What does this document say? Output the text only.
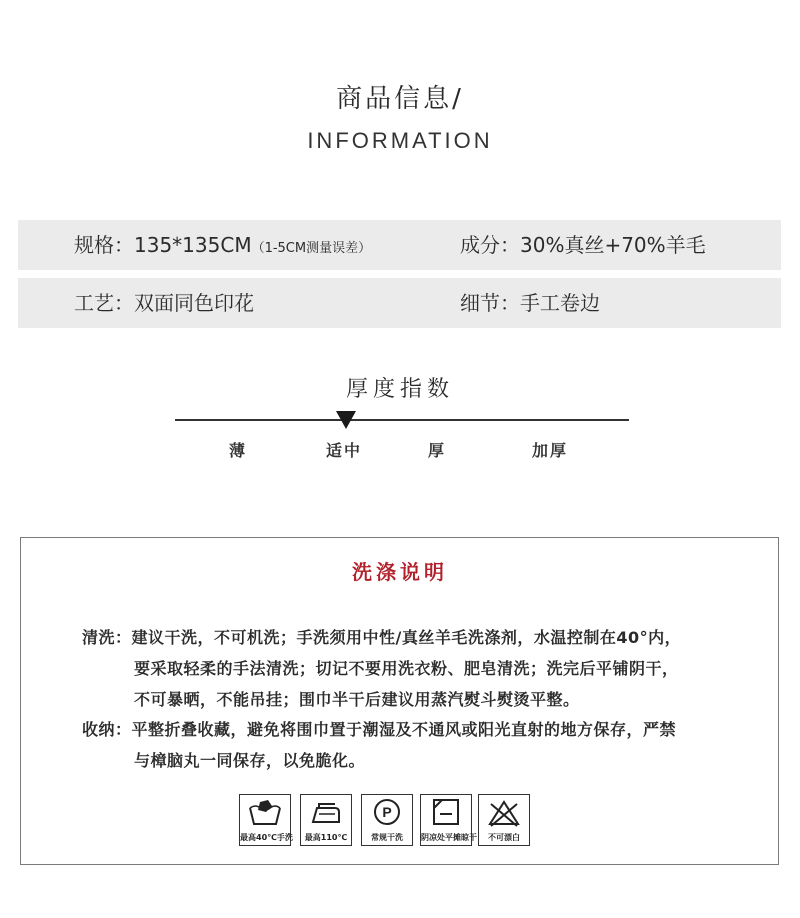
商品信息/
INFORMATION
规格：135*135CM（1-5CM测量误差）	成分：30%真丝+70%羊毛
工艺：双面同色印花	细节：手工卷边
厚度指数
薄	适中	厚	加厚
洗涤说明
清洗：建议干洗，不可机洗；手洗须用中性/真丝羊毛洗涤剂，水温控制在40°内，
要采取轻柔的手法清洗；切记不要用洗衣粉、肥皂清洗；洗完后平铺阴干，
不可暴晒，不能吊挂；围巾半干后建议用蒸汽熨斗熨烫平整。
收纳：平整折叠收藏，避免将围巾置于潮湿及不通风或阳光直射的地方保存，严禁
与樟脑丸一同保存，以免脆化。
最高40℃手洗	最高110℃
P
常规干洗	阴凉处平摊晾干	不可漂白
